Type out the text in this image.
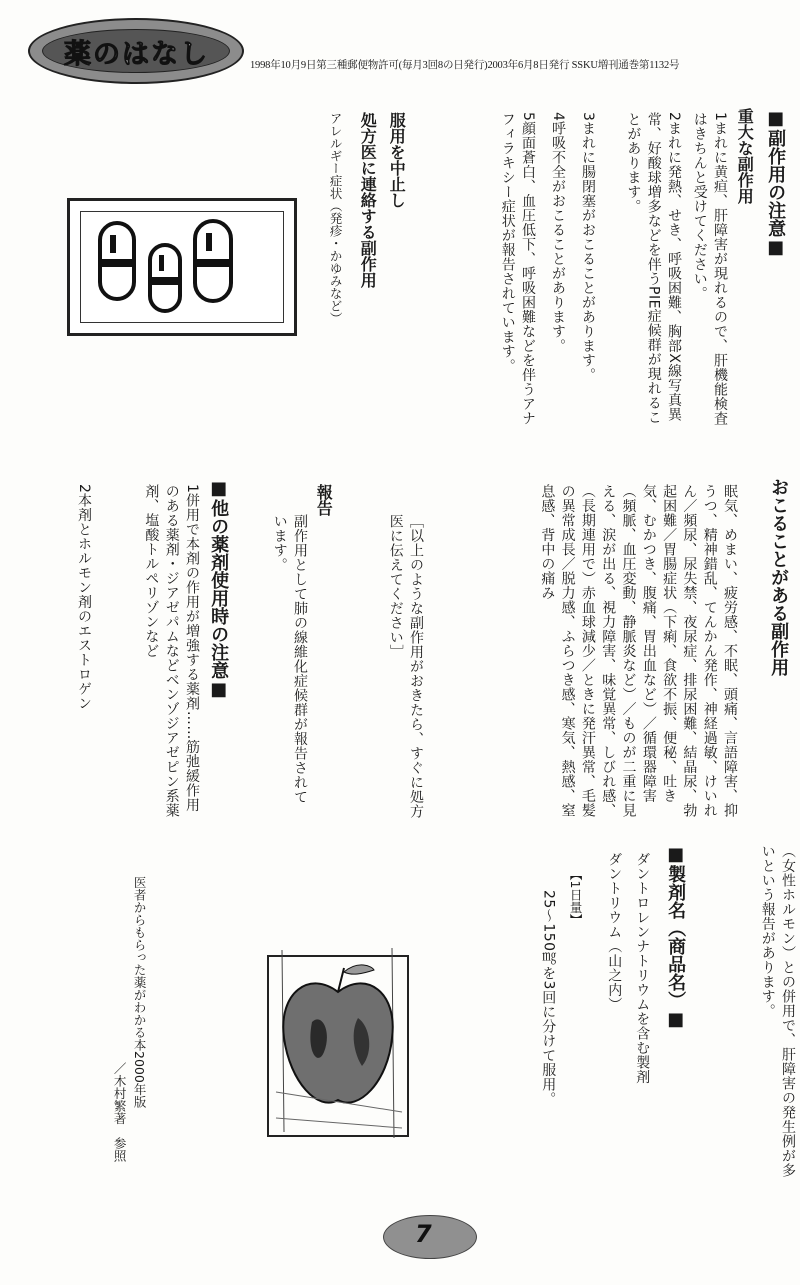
薬のはなし	1998年10月9日第三種郵便物許可(毎月3回8の日発行)2003年6月8日発行 SSKU増刊通巻第1132号
■副作用の注意■
重大な副作用
1まれに黄疸、肝障害が現れるので、肝機能検査はきちんと受けてください。
2まれに発熱、せき、呼吸困難、胸部X線写真異常、好酸球増多などを伴うPIE症候群が現れることがあります。
3まれに腸閉塞がおこることがあります。
4呼吸不全がおこることがあります。
5顔面蒼白、血圧低下、呼吸困難などを伴うアナフィラキシー症状が報告されています。
服用を中止し
処方医に連絡する副作用
アレルギー症状（発疹・かゆみなど）
おこることがある副作用
眠気、めまい、疲労感、不眠、頭痛、言語障害、抑うつ、精神錯乱、てんかん発作、神経過敏、けいれん／頻尿、尿失禁、夜尿症、排尿困難、結晶尿、勃起困難／胃腸症状（下痢、食欲不振、便秘、吐き気、むかつき、腹痛、胃出血など）／循環器障害（頻脈、血圧変動、静脈炎など）／ものが二重に見える、涙が出る、視力障害、味覚異常、しびれ感、（長期連用で）赤血球減少／ときに発汗異常、毛髪の異常成長／脱力感、ふらつき感、寒気、熱感、窒息感、背中の痛み
［以上のような副作用がおきたら、すぐに処方医に伝えてください］
報告
副作用として肺の線維化症候群が報告されています。
■他の薬剤使用時の注意■
1併用で本剤の作用が増強する薬剤……筋弛緩作用のある薬剤・ジアゼパムなどベンゾジアゼピン系薬剤、塩酸トルペリゾンなど
2本剤とホルモン剤のエストロゲン
（女性ホルモン）との併用で、肝障害の発生例が多いという報告があります。
■製剤名（商品名）■
ダントロレンナトリウムを含む製剤
ダントリウム（山之内）
【1日量】
25〜150㎎を3回に分けて服用。
医者からもらった薬がわかる本2000年版
／木村繁著　参照
7
